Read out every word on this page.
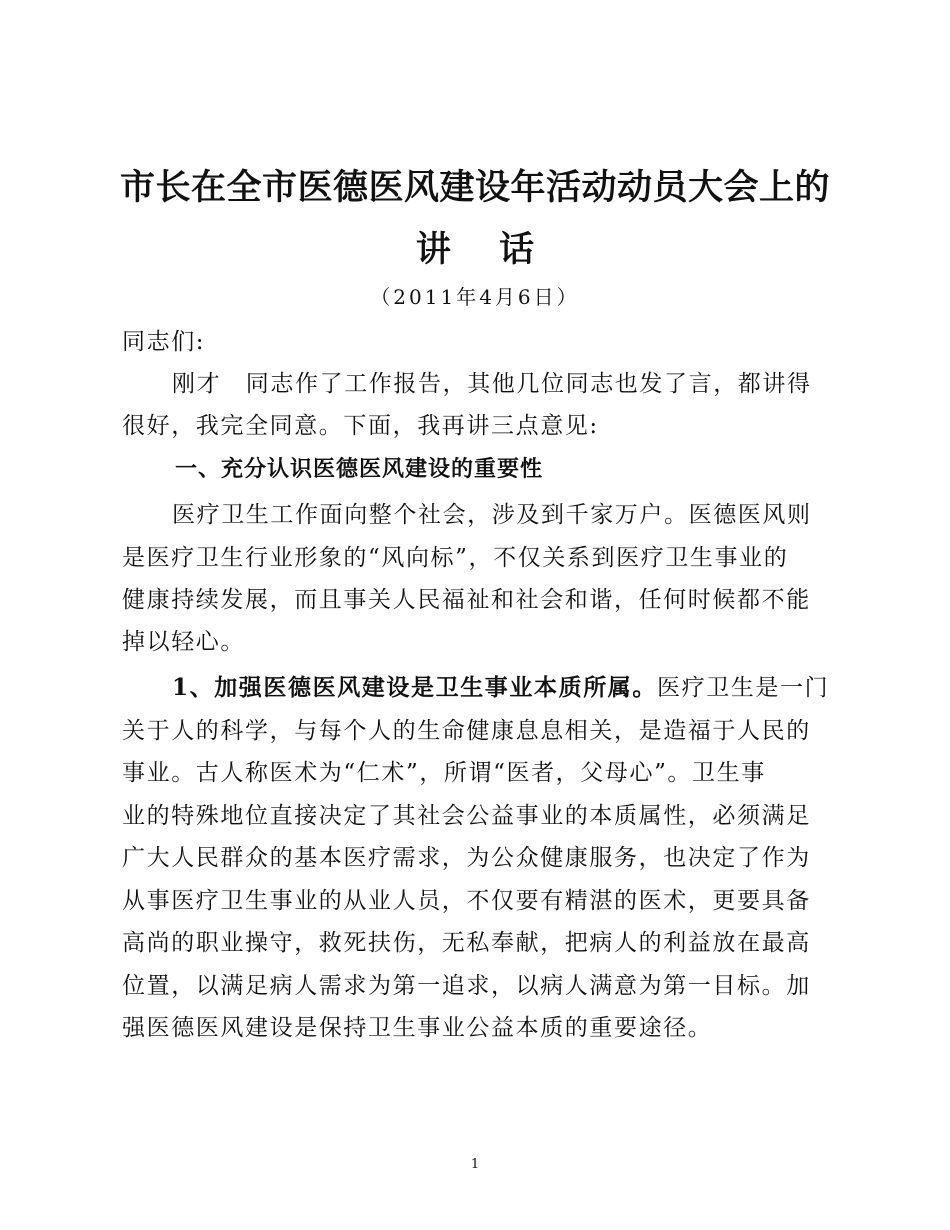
市长在全市医德医风建设年活动动员大会上的
讲 话
（2011年4月6日）
同志们:
刚才　同志作了工作报告，其他几位同志也发了言，都讲得
很好，我完全同意。下面，我再讲三点意见:
一、充分认识医德医风建设的重要性
医疗卫生工作面向整个社会，涉及到千家万户。医德医风则
是医疗卫生行业形象的“风向标”，不仅关系到医疗卫生事业的
健康持续发展，而且事关人民福祉和社会和谐，任何时候都不能
掉以轻心。
1、加强医德医风建设是卫生事业本质所属。医疗卫生是一门
关于人的科学，与每个人的生命健康息息相关，是造福于人民的
事业。古人称医术为“仁术”，所谓“医者，父母心”。卫生事
业的特殊地位直接决定了其社会公益事业的本质属性，必须满足
广大人民群众的基本医疗需求，为公众健康服务，也决定了作为
从事医疗卫生事业的从业人员，不仅要有精湛的医术，更要具备
高尚的职业操守，救死扶伤，无私奉献，把病人的利益放在最高
位置，以满足病人需求为第一追求，以病人满意为第一目标。加
强医德医风建设是保持卫生事业公益本质的重要途径。
1
